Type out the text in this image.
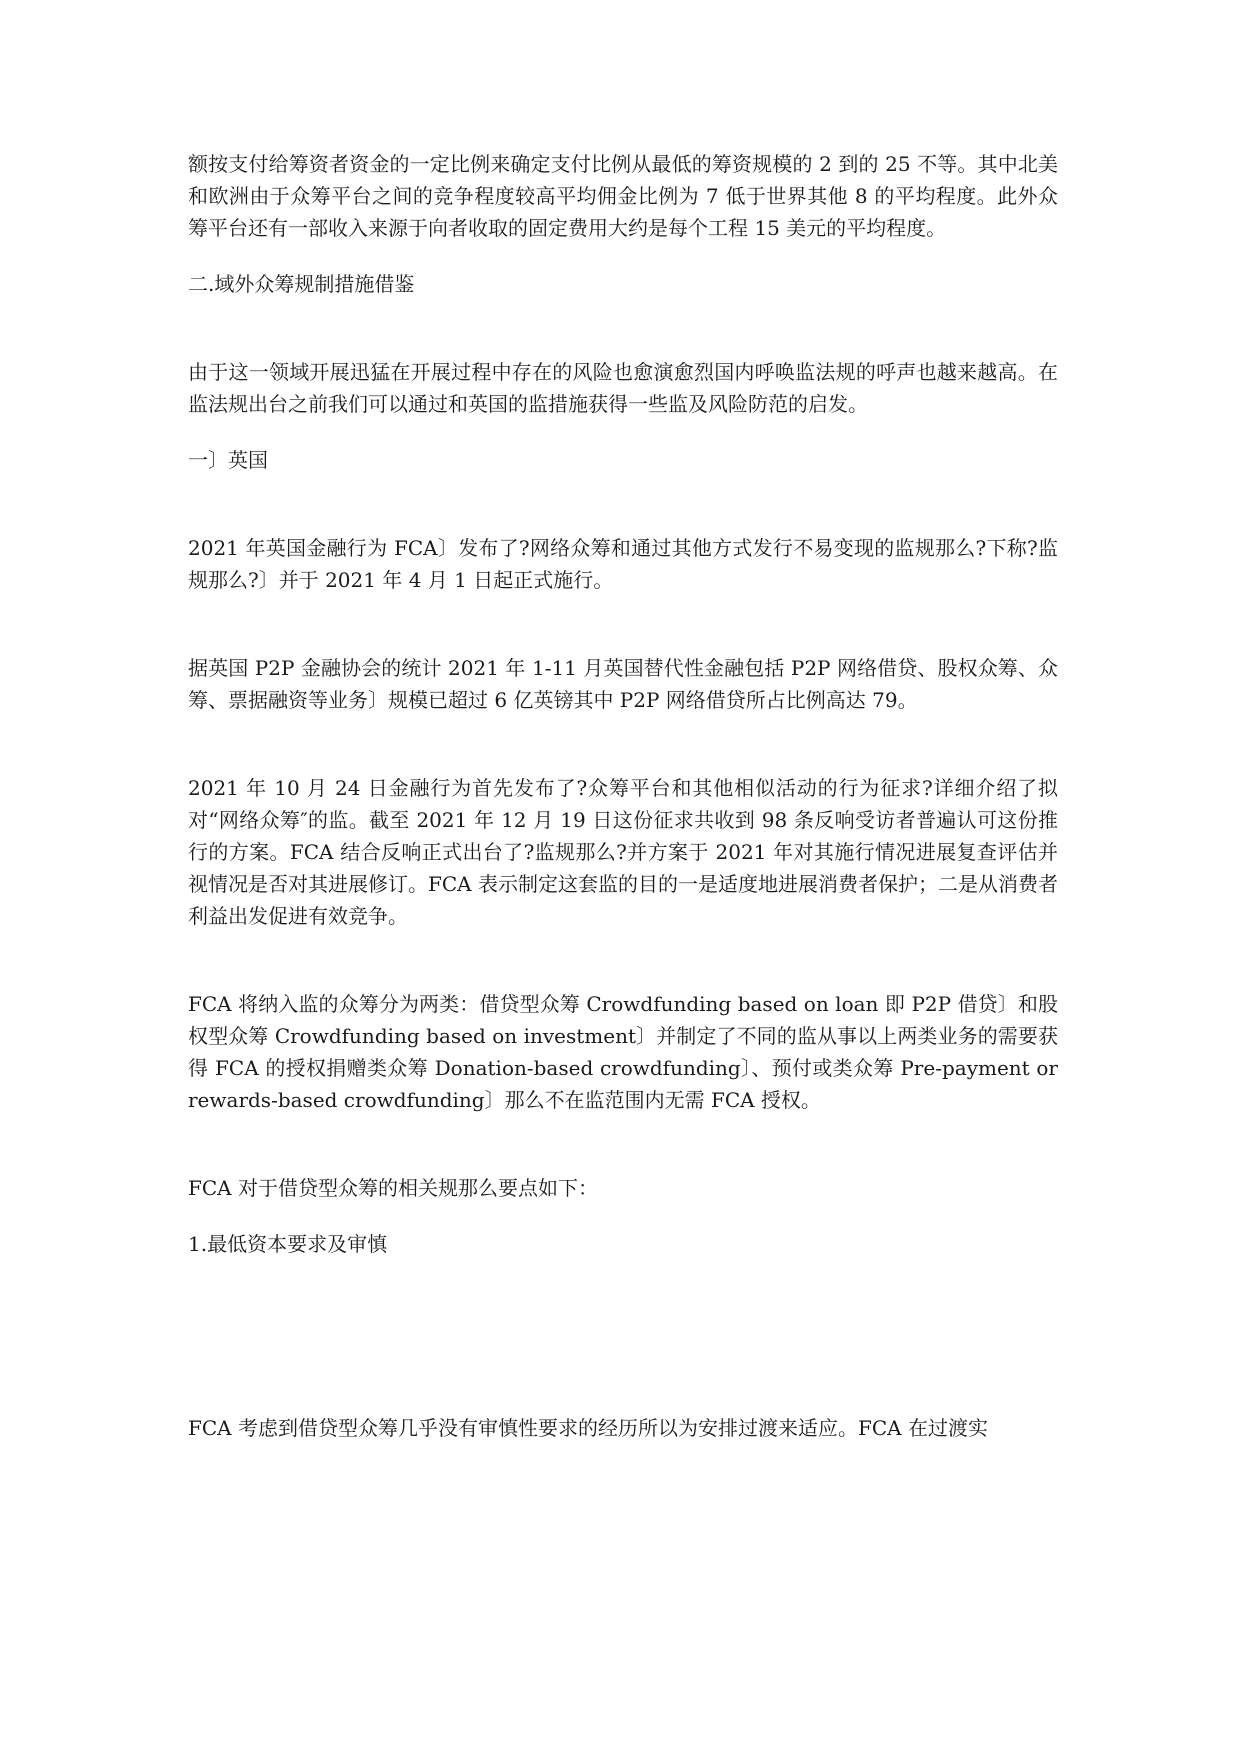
额按支付给筹资者资金的一定比例来确定支付比例从最低的筹资规模的 2 到的 25 不等。其中北美和欧洲由于众筹平台之间的竞争程度较高平均佣金比例为 7 低于世界其他 8 的平均程度。此外众筹平台还有一部收入来源于向者收取的固定费用大约是每个工程 15 美元的平均程度。

二.域外众筹规制措施借鉴

由于这一领域开展迅猛在开展过程中存在的风险也愈演愈烈国内呼唤监法规的呼声也越来越高。在监法规出台之前我们可以通过和英国的监措施获得一些监及风险防范的启发。

一〕英国

2021 年英国金融行为 FCA〕发布了?网络众筹和通过其他方式发行不易变现的监规那么?下称?监规那么?〕并于 2021 年 4 月 1 日起正式施行。

据英国 P2P 金融协会的统计 2021 年 1-11 月英国替代性金融包括 P2P 网络借贷、股权众筹、众筹、票据融资等业务〕规模已超过 6 亿英镑其中 P2P 网络借贷所占比例高达 79。

2021 年 10 月 24 日金融行为首先发布了?众筹平台和其他相似活动的行为征求?详细介绍了拟对“网络众筹″的监。截至 2021 年 12 月 19 日这份征求共收到 98 条反响受访者普遍认可这份推行的方案。FCA 结合反响正式出台了?监规那么?并方案于 2021 年对其施行情况进展复查评估并视情况是否对其进展修订。FCA 表示制定这套监的目的一是适度地进展消费者保护；二是从消费者利益出发促进有效竞争。

FCA 将纳入监的众筹分为两类：借贷型众筹 Crowdfunding based on loan 即 P2P 借贷〕和股权型众筹 Crowdfunding based on investment〕并制定了不同的监从事以上两类业务的需要获得 FCA 的授权捐赠类众筹 Donation-based crowdfunding〕、预付或类众筹 Pre-payment or rewards-based crowdfunding〕那么不在监范围内无需 FCA 授权。

FCA 对于借贷型众筹的相关规那么要点如下：

1.最低资本要求及审慎

FCA 考虑到借贷型众筹几乎没有审慎性要求的经历所以为安排过渡来适应。FCA 在过渡实
